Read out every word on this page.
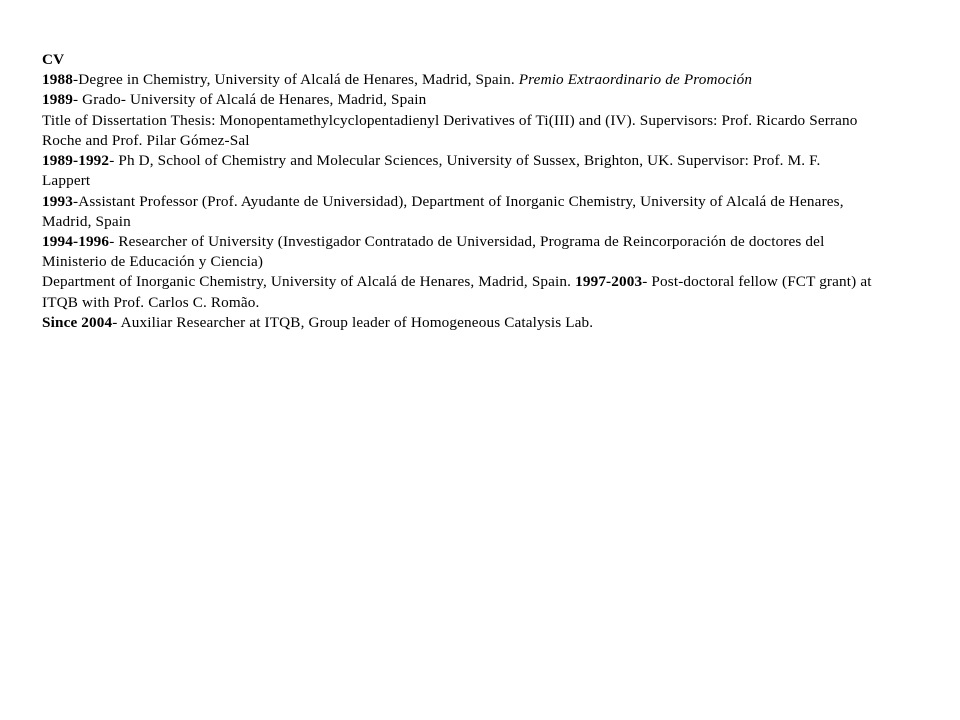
CV
1988-Degree in Chemistry, University of Alcalá de Henares, Madrid, Spain. Premio Extraordinario de Promoción
1989- Grado- University of Alcalá de Henares, Madrid, Spain
Title of Dissertation Thesis: Monopentamethylcyclopentadienyl Derivatives of Ti(III) and (IV). Supervisors: Prof. Ricardo Serrano Roche and Prof. Pilar Gómez-Sal
1989-1992- Ph D, School of Chemistry and Molecular Sciences, University of Sussex, Brighton, UK. Supervisor: Prof. M. F. Lappert
1993-Assistant Professor (Prof. Ayudante de Universidad), Department of Inorganic Chemistry, University of Alcalá de Henares, Madrid, Spain
1994-1996- Researcher of University (Investigador Contratado de Universidad, Programa de Reincorporación de doctores del Ministerio de Educación y Ciencia)
Department of Inorganic Chemistry, University of Alcalá de Henares, Madrid, Spain. 1997-2003- Post-doctoral fellow (FCT grant) at ITQB with Prof. Carlos C. Romão.
Since 2004- Auxiliar Researcher at ITQB, Group leader of Homogeneous Catalysis Lab.
